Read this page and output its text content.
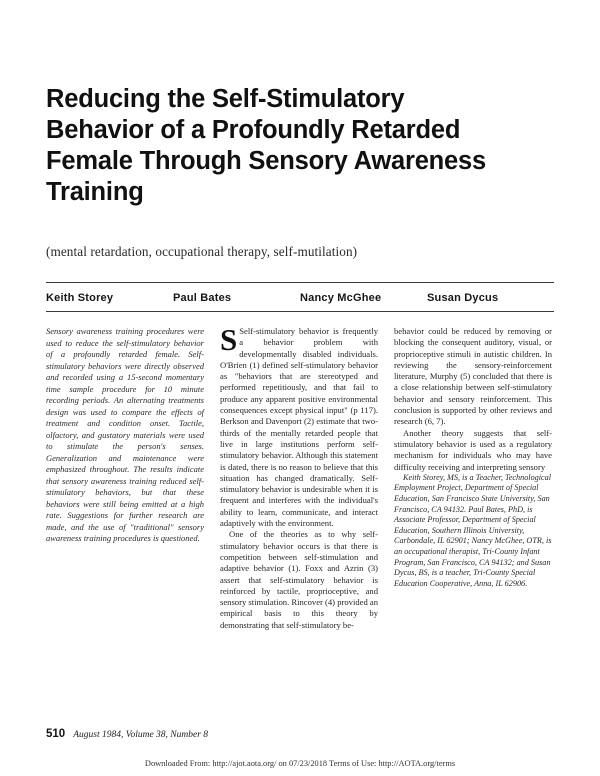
Reducing the Self-Stimulatory Behavior of a Profoundly Retarded Female Through Sensory Awareness Training
(mental retardation, occupational therapy, self-mutilation)
Keith Storey	Paul Bates	Nancy McGhee	Susan Dycus

Sensory awareness training procedures were used to reduce the self-stimulatory behavior of a profoundly retarded female. Self-stimulatory behaviors were directly observed and recorded using a 15-second momentary time sample procedure for 10 minute recording periods. An alternating treatments design was used to compare the effects of treatment and condition onset. Tactile, olfactory, and gustatory materials were used to stimulate the person's senses. Generalization and maintenance were emphasized throughout. The results indicate that sensory awareness training reduced self-stimulatory behaviors, but that these behaviors were still being emitted at a high rate. Suggestions for further research are made, and the use of "traditional" sensory awareness training procedures is questioned.

S Self-stimulatory behavior is frequently a behavior problem with developmentally disabled individuals. O'Brien (1) defined self-stimulatory behavior as "behaviors that are stereotyped and performed repetitiously, and that fail to produce any apparent positive environmental consequences except physical input" (p 117). Berkson and Davenport (2) estimate that two-thirds of the mentally retarded people that live in large institutions perform self-stimulatory behavior. Although this statement is dated, there is no reason to believe that this situation has changed dramatically. Self-stimulatory behavior is undesirable when it is frequent and interferes with the individual's ability to learn, communicate, and interact adaptively with the environment.

One of the theories as to why self-stimulatory behavior occurs is that there is competition between self-stimulation and adaptive behavior (1). Foxx and Azrin (3) assert that self-stimulatory behavior is reinforced by tactile, proprioceptive, and sensory stimulation. Rincover (4) provided an empirical basis to this theory by demonstrating that self-stimulatory be-

behavior could be reduced by removing or blocking the consequent auditory, visual, or proprioceptive stimuli in autistic children. In reviewing the sensory-reinforcement literature, Murphy (5) concluded that there is a close relationship between self-stimulatory behavior and sensory reinforcement. This conclusion is supported by other reviews and research (6, 7).

Another theory suggests that self-stimulatory behavior is used as a regulatory mechanism for individuals who may have difficulty receiving and interpreting sensory

Keith Storey, MS, is a Teacher, Technological Employment Project, Department of Special Education, San Francisco State University, San Francisco, CA 94132. Paul Bates, PhD, is Associate Professor, Department of Special Education, Southern Illinois University, Carbondale, IL 62901; Nancy McGhee, OTR, is an occupational therapist, Tri-County Infant Program, San Francisco, CA 94132; and Susan Dycus, BS, is a teacher, Tri-County Special Education Cooperative, Anna, IL 62906.

510 August 1984, Volume 38, Number 8
Downloaded From: http://ajot.aota.org/ on 07/23/2018 Terms of Use: http://AOTA.org/terms
